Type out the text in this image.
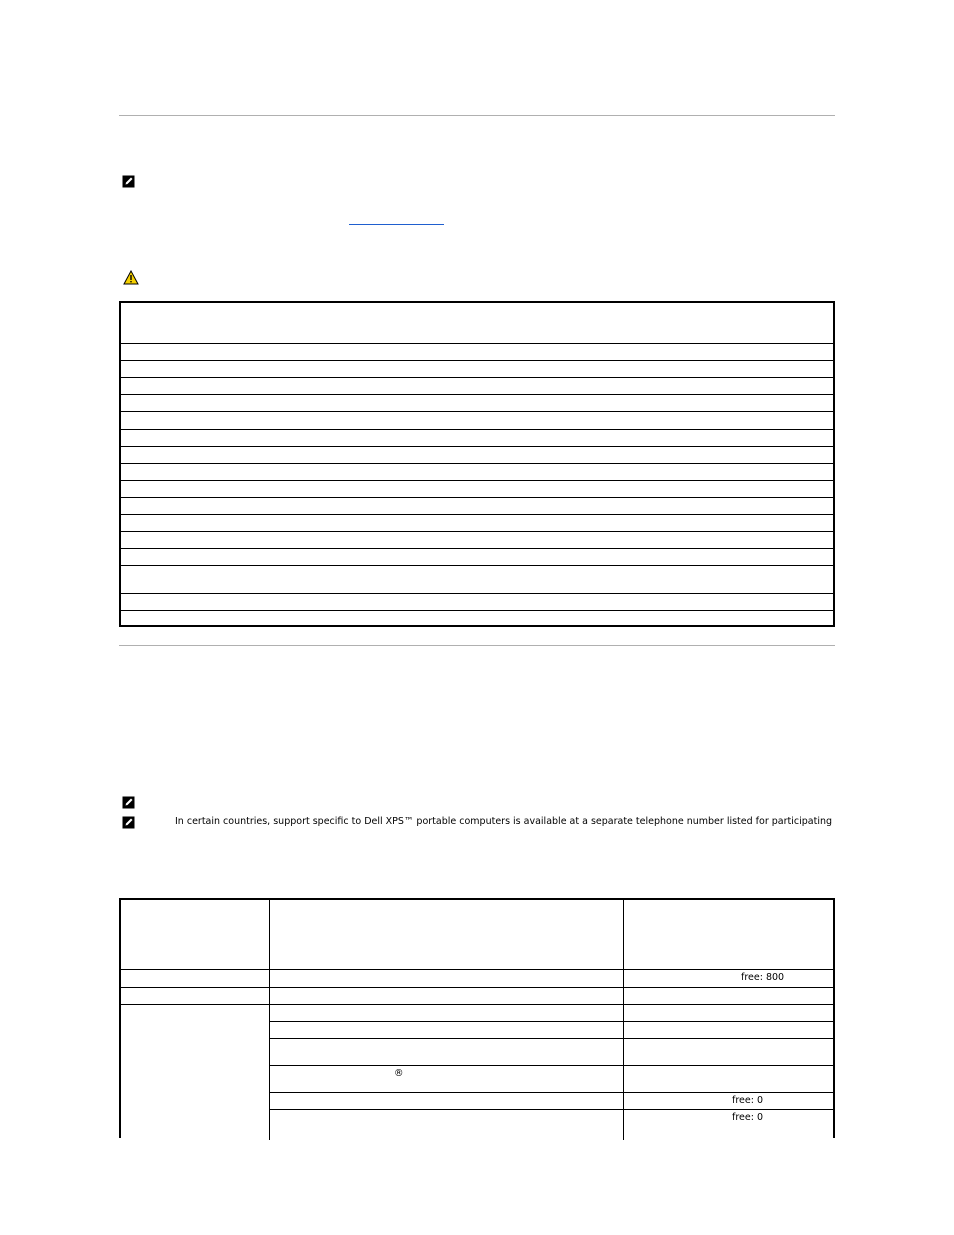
In certain countries, support specific to Dell XPS™ portable computers is available at a separate telephone number listed for participating
free: 800
®
free: 0
free: 0
